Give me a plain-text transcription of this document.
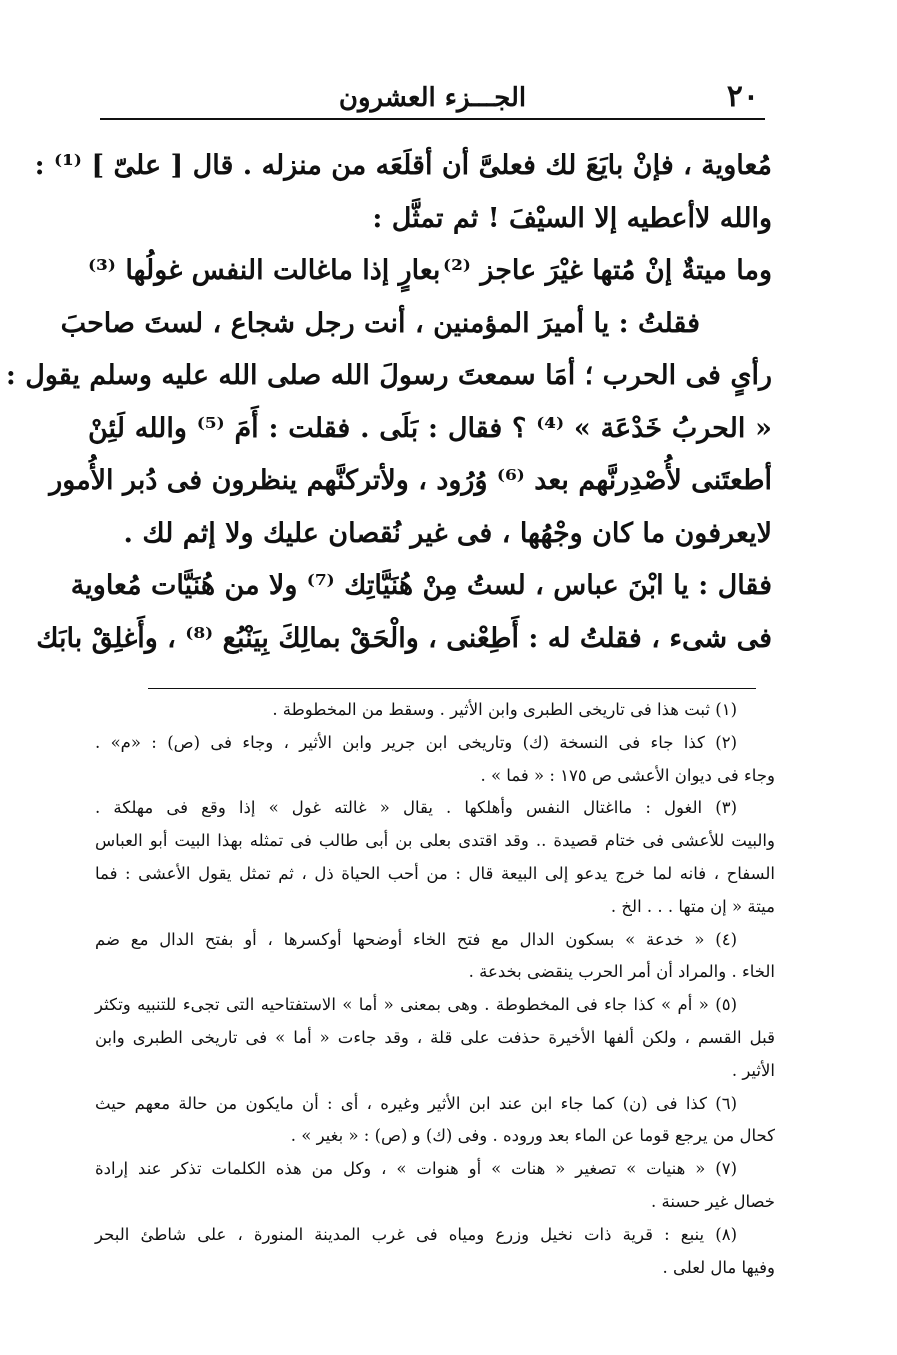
٢٠
الجـــزء العشرون
مُعاوية ، فإنْ بايَعَ لك فعلىَّ أن أقلَعَه من منزله . قال [ علىّ ] ⁽¹⁾ :
والله لاأعطيه إلا السيْفَ ! ثم تمثَّل :
وما ميتةٌ إنْ مُتها غيْرَ عاجز ⁽²⁾
بعارٍ إذا ماغالت النفس غولُها ⁽³⁾
فقلتُ : يا أميرَ المؤمنين ، أنت رجل شجاع ، لستَ صاحبَ
رأىٍ فى الحرب ؛ أمَا سمعتَ رسولَ الله صلى الله عليه وسلم يقول :
« الحربُ خَدْعَة » ⁽⁴⁾ ؟ فقال : بَلَى . فقلت : أَمَ ⁽⁵⁾ والله لَئِنْ
أطعتَنى لأُصْدِرنَّهم بعد ⁽⁶⁾ وُرُود ، ولأتركنَّهم ينظرون فى دُبر الأُمور
لايعرفون ما كان وجْهُها ، فى غير نُقصان عليك ولا إثم لك .
فقال : يا ابْنَ عباس ، لستُ مِنْ هُنَيَّاتِك ⁽⁷⁾ ولا من هُنَيَّات مُعاوية
فى شىء ، فقلتُ له : أَطِعْنى ، والْحَقْ بمالِكَ بِيَنْبُع ⁽⁸⁾ ، وأَغلِقْ بابَك
(١) ثبت هذا فى تاريخى الطبرى وابن الأثير . وسقط من المخطوطة .
(٢) كذا جاء فى النسخة (ك) وتاريخى ابن جرير وابن الأثير ، وجاء فى (ص) : «م» .
وجاء فى ديوان الأعشى ص ١٧٥ : « فما » .
(٣) الغول : مااغتال النفس وأهلكها . يقال « غالته غول » إذا وقع فى مهلكة .
والبيت للأعشى فى ختام قصيدة .. وقد اقتدى بعلى بن أبى طالب فى تمثله بهذا البيت أبو العباس
السفاح ، فانه لما خرج يدعو إلى البيعة قال : من أحب الحياة ذل ، ثم تمثل يقول الأعشى : فما
ميتة « إن متها . . . الخ .
(٤) « خدعة » بسكون الدال مع فتح الخاء أوضحها أوكسرها ، أو بفتح الدال مع ضم
الخاء . والمراد أن أمر الحرب ينقضى بخدعة .
(٥) « أم » كذا جاء فى المخطوطة . وهى بمعنى « أما » الاستفتاحيه التى تجىء للتنبيه وتكثر
قبل القسم ، ولكن ألفها الأخيرة حذفت على قلة ، وقد جاءت « أما » فى تاريخى الطبرى وابن
الأثير .
(٦) كذا فى (ن) كما جاء ابن عند ابن الأثير وغيره ، أى : أن مايكون من حالة معهم حيث
كحال من يرجع قوما عن الماء بعد وروده . وفى (ك) و (ص) : « بغير » .
(٧) « هنيات » تصغير « هنات » أو هنوات » ، وكل من هذه الكلمات تذكر عند إرادة
خصال غير حسنة .
(٨) ينبع : قرية ذات نخيل وزرع ومياه فى غرب المدينة المنورة ، على شاطئ البحر
وفيها مال لعلى .
